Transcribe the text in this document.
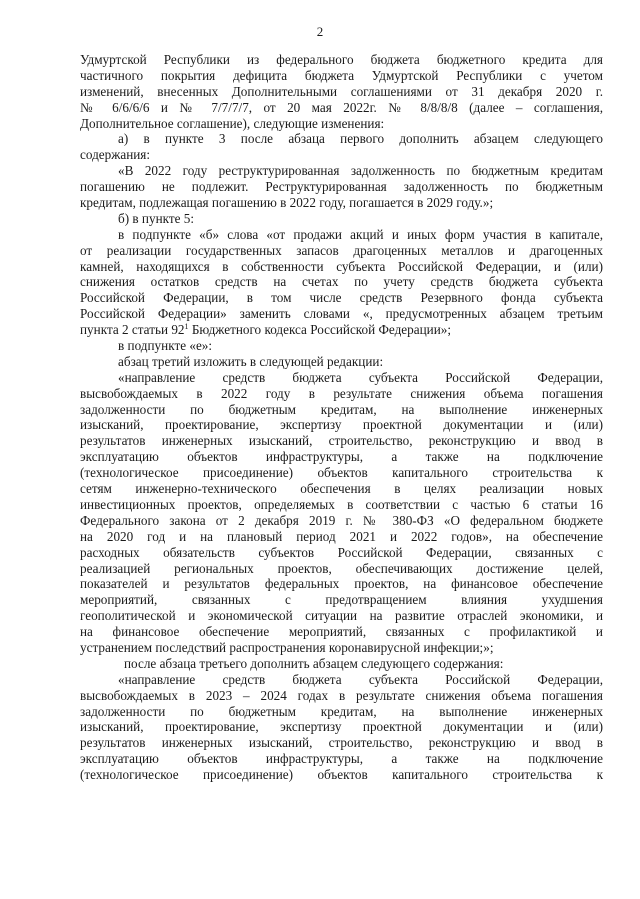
2
Удмуртской Республики из федерального бюджета бюджетного кредита для
частичного покрытия дефицита бюджета Удмуртской Республики с учетом
изменений, внесенных Дополнительными соглашениями от 31 декабря 2020 г.
№ 6/6/6/6 и № 7/7/7/7, от 20 мая 2022г. № 8/8/8/8 (далее – соглашения,
Дополнительное соглашение), следующие изменения:
а) в пункте 3 после абзаца первого дополнить абзацем следующего
содержания:
«В 2022 году реструктурированная задолженность по бюджетным кредитам
погашению не подлежит. Реструктурированная задолженность по бюджетным
кредитам, подлежащая погашению в 2022 году, погашается в 2029 году.»;
б) в пункте 5:
в подпункте «б» слова «от продажи акций и иных форм участия в капитале,
от реализации государственных запасов драгоценных металлов и драгоценных
камней, находящихся в собственности субъекта Российской Федерации, и (или)
снижения остатков средств на счетах по учету средств бюджета субъекта
Российской Федерации, в том числе средств Резервного фонда субъекта
Российской Федерации» заменить словами «, предусмотренных абзацем третьим
пункта 2 статьи $92^1$ Бюджетного кодекса Российской Федерации»;
в подпункте «е»:
абзац третий изложить в следующей редакции:
«направление средств бюджета субъекта Российской Федерации,
высвобождаемых в 2022 году в результате снижения объема погашения
задолженности по бюджетным кредитам, на выполнение инженерных
изысканий, проектирование, экспертизу проектной документации и (или)
результатов инженерных изысканий, строительство, реконструкцию и ввод в
эксплуатацию объектов инфраструктуры, а также на подключение
(технологическое присоединение) объектов капитального строительства к
сетям инженерно-технического обеспечения в целях реализации новых
инвестиционных проектов, определяемых в соответствии с частью 6 статьи 16
Федерального закона от 2 декабря 2019 г. № 380-ФЗ «О федеральном бюджете
на 2020 год и на плановый период 2021 и 2022 годов», на обеспечение
расходных обязательств субъектов Российской Федерации, связанных с
реализацией региональных проектов, обеспечивающих достижение целей,
показателей и результатов федеральных проектов, на финансовое обеспечение
мероприятий, связанных с предотвращением влияния ухудшения
геополитической и экономической ситуации на развитие отраслей экономики, и
на финансовое обеспечение мероприятий, связанных с профилактикой и
устранением последствий распространения коронавирусной инфекции;»;
после абзаца третьего дополнить абзацем следующего содержания:
«направление средств бюджета субъекта Российской Федерации,
высвобождаемых в 2023 – 2024 годах в результате снижения объема погашения
задолженности по бюджетным кредитам, на выполнение инженерных
изысканий, проектирование, экспертизу проектной документации и (или)
результатов инженерных изысканий, строительство, реконструкцию и ввод в
эксплуатацию объектов инфраструктуры, а также на подключение
(технологическое присоединение) объектов капитального строительства к
